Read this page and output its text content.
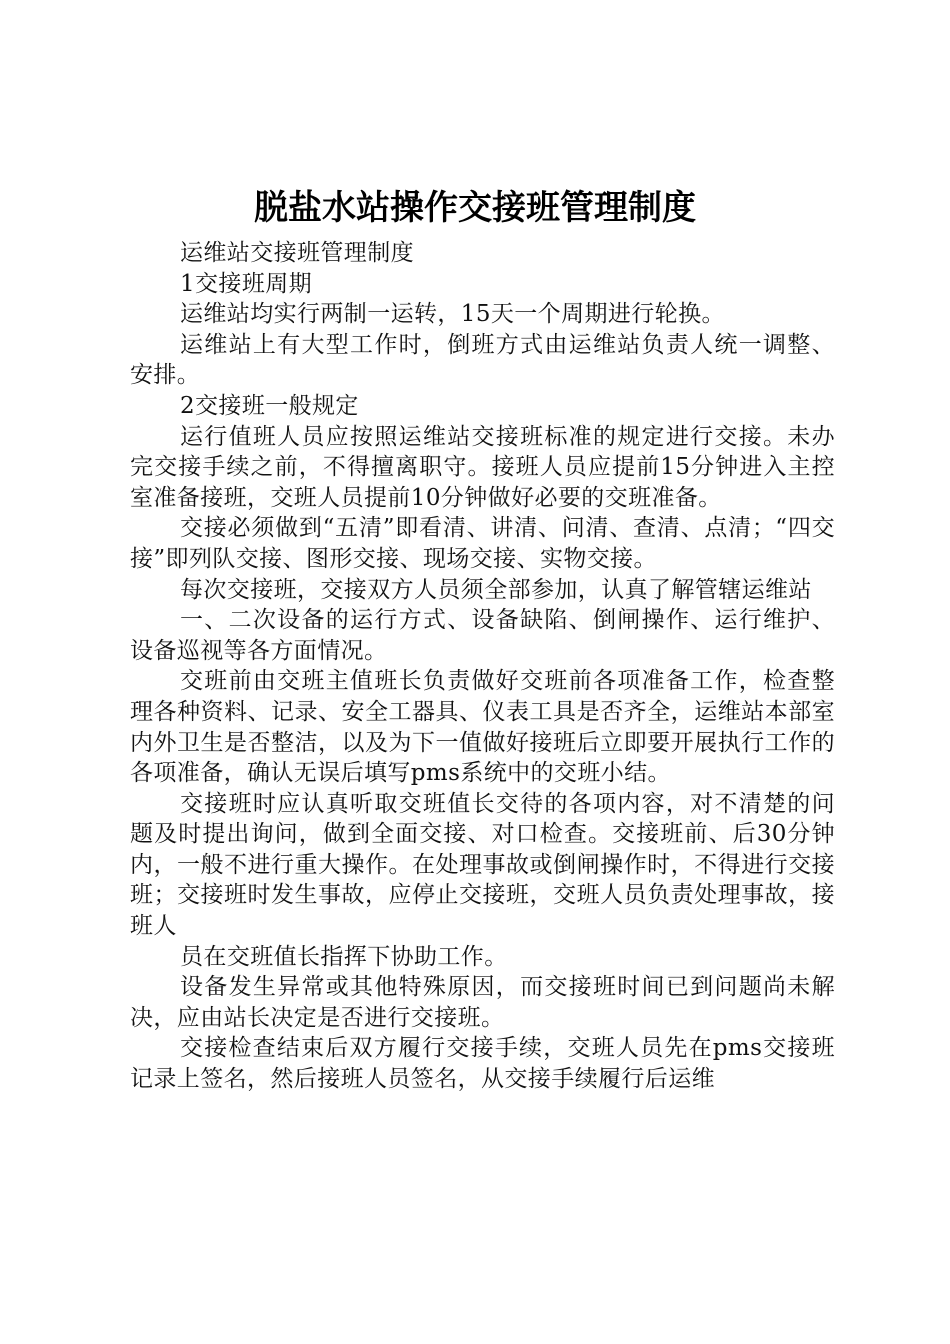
脱盐水站操作交接班管理制度

运维站交接班管理制度

1交接班周期

运维站均实行两制一运转，15天一个周期进行轮换。

运维站上有大型工作时，倒班方式由运维站负责人统一调整、安排。

2交接班一般规定

运行值班人员应按照运维站交接班标准的规定进行交接。未办完交接手续之前，不得擅离职守。接班人员应提前15分钟进入主控室准备接班，交班人员提前10分钟做好必要的交班准备。

交接必须做到“五清”即看清、讲清、问清、查清、点清；“四交接”即列队交接、图形交接、现场交接、实物交接。

每次交接班，交接双方人员须全部参加，认真了解管辖运维站

一、二次设备的运行方式、设备缺陷、倒闸操作、运行维护、设备巡视等各方面情况。

交班前由交班主值班长负责做好交班前各项准备工作，检查整理各种资料、记录、安全工器具、仪表工具是否齐全，运维站本部室内外卫生是否整洁，以及为下一值做好接班后立即要开展执行工作的各项准备，确认无误后填写pms系统中的交班小结。

交接班时应认真听取交班值长交待的各项内容，对不清楚的问题及时提出询问，做到全面交接、对口检查。交接班前、后30分钟内，一般不进行重大操作。在处理事故或倒闸操作时，不得进行交接班；交接班时发生事故，应停止交接班，交班人员负责处理事故，接班人

员在交班值长指挥下协助工作。

设备发生异常或其他特殊原因，而交接班时间已到问题尚未解决，应由站长决定是否进行交接班。

交接检查结束后双方履行交接手续，交班人员先在pms交接班记录上签名，然后接班人员签名，从交接手续履行后运维
